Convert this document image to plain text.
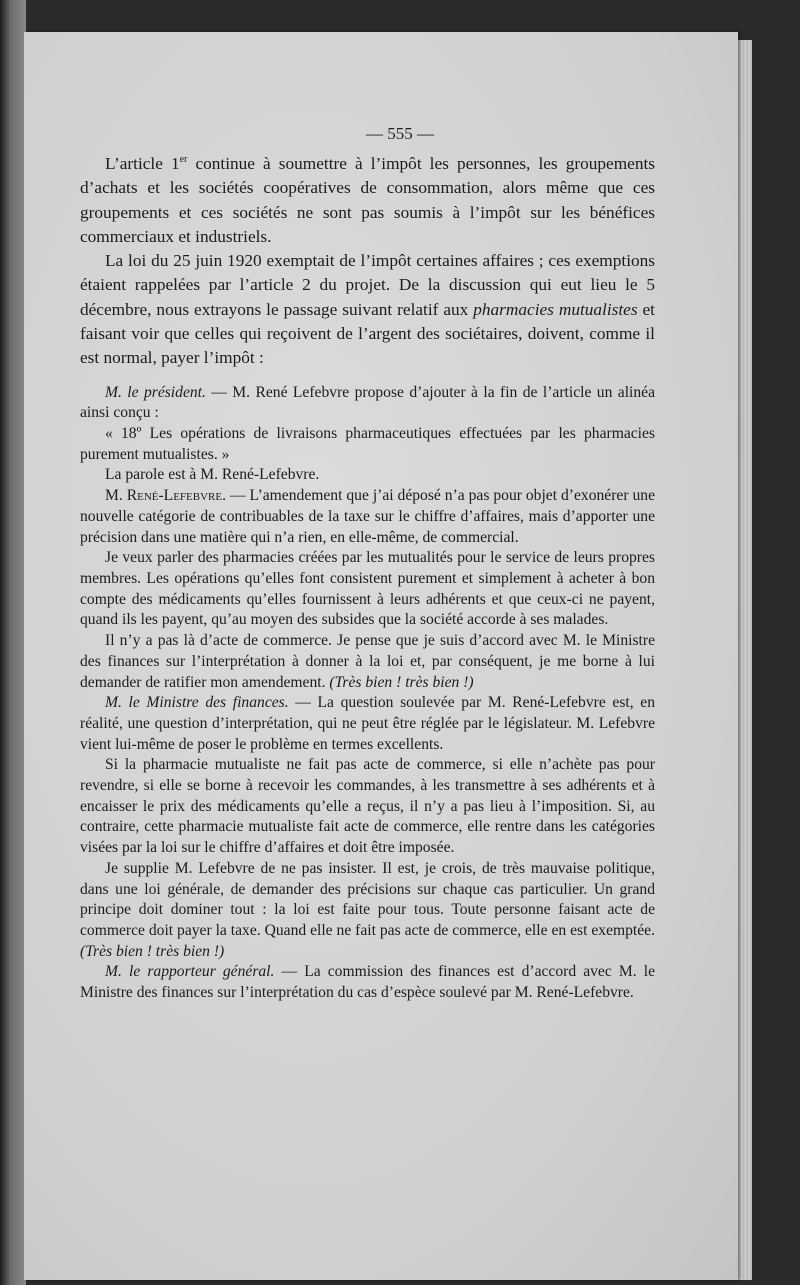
— 555 —

L’article 1er continue à soumettre à l’impôt les personnes, les groupements d’achats et les sociétés coopératives de consommation, alors même que ces groupements et ces sociétés ne sont pas soumis à l’impôt sur les bénéfices commerciaux et industriels.

La loi du 25 juin 1920 exemptait de l’impôt certaines affaires ; ces exemptions étaient rappelées par l’article 2 du projet. De la discussion qui eut lieu le 5 décembre, nous extrayons le passage suivant relatif aux pharmacies mutualistes et faisant voir que celles qui reçoivent de l’argent des sociétaires, doivent, comme il est normal, payer l’impôt :

M. le président. — M. René Lefebvre propose d’ajouter à la fin de l’article un alinéa ainsi conçu :

« 18º Les opérations de livraisons pharmaceutiques effectuées par les pharmacies purement mutualistes. »

La parole est à M. René-Lefebvre.

M. René-Lefebvre. — L’amendement que j’ai déposé n’a pas pour objet d’exonérer une nouvelle catégorie de contribuables de la taxe sur le chiffre d’affaires, mais d’apporter une précision dans une matière qui n’a rien, en elle-même, de commercial.

Je veux parler des pharmacies créées par les mutualités pour le service de leurs propres membres. Les opérations qu’elles font consistent purement et simplement à acheter à bon compte des médicaments qu’elles fournissent à leurs adhérents et que ceux-ci ne payent, quand ils les payent, qu’au moyen des subsides que la société accorde à ses malades.

Il n’y a pas là d’acte de commerce. Je pense que je suis d’accord avec M. le Ministre des finances sur l’interprétation à donner à la loi et, par conséquent, je me borne à lui demander de ratifier mon amendement. (Très bien ! très bien !)

M. le Ministre des finances. — La question soulevée par M. René-Lefebvre est, en réalité, une question d’interprétation, qui ne peut être réglée par le législateur. M. Lefebvre vient lui-même de poser le problème en termes excellents.

Si la pharmacie mutualiste ne fait pas acte de commerce, si elle n’achète pas pour revendre, si elle se borne à recevoir les commandes, à les transmettre à ses adhérents et à encaisser le prix des médicaments qu’elle a reçus, il n’y a pas lieu à l’imposition. Si, au contraire, cette pharmacie mutualiste fait acte de commerce, elle rentre dans les catégories visées par la loi sur le chiffre d’affaires et doit être imposée.

Je supplie M. Lefebvre de ne pas insister. Il est, je crois, de très mauvaise politique, dans une loi générale, de demander des précisions sur chaque cas particulier. Un grand principe doit dominer tout : la loi est faite pour tous. Toute personne faisant acte de commerce doit payer la taxe. Quand elle ne fait pas acte de commerce, elle en est exemptée. (Très bien ! très bien !)

M. le rapporteur général. — La commission des finances est d’accord avec M. le Ministre des finances sur l’interprétation du cas d’espèce soulevé par M. René-Lefebvre.
